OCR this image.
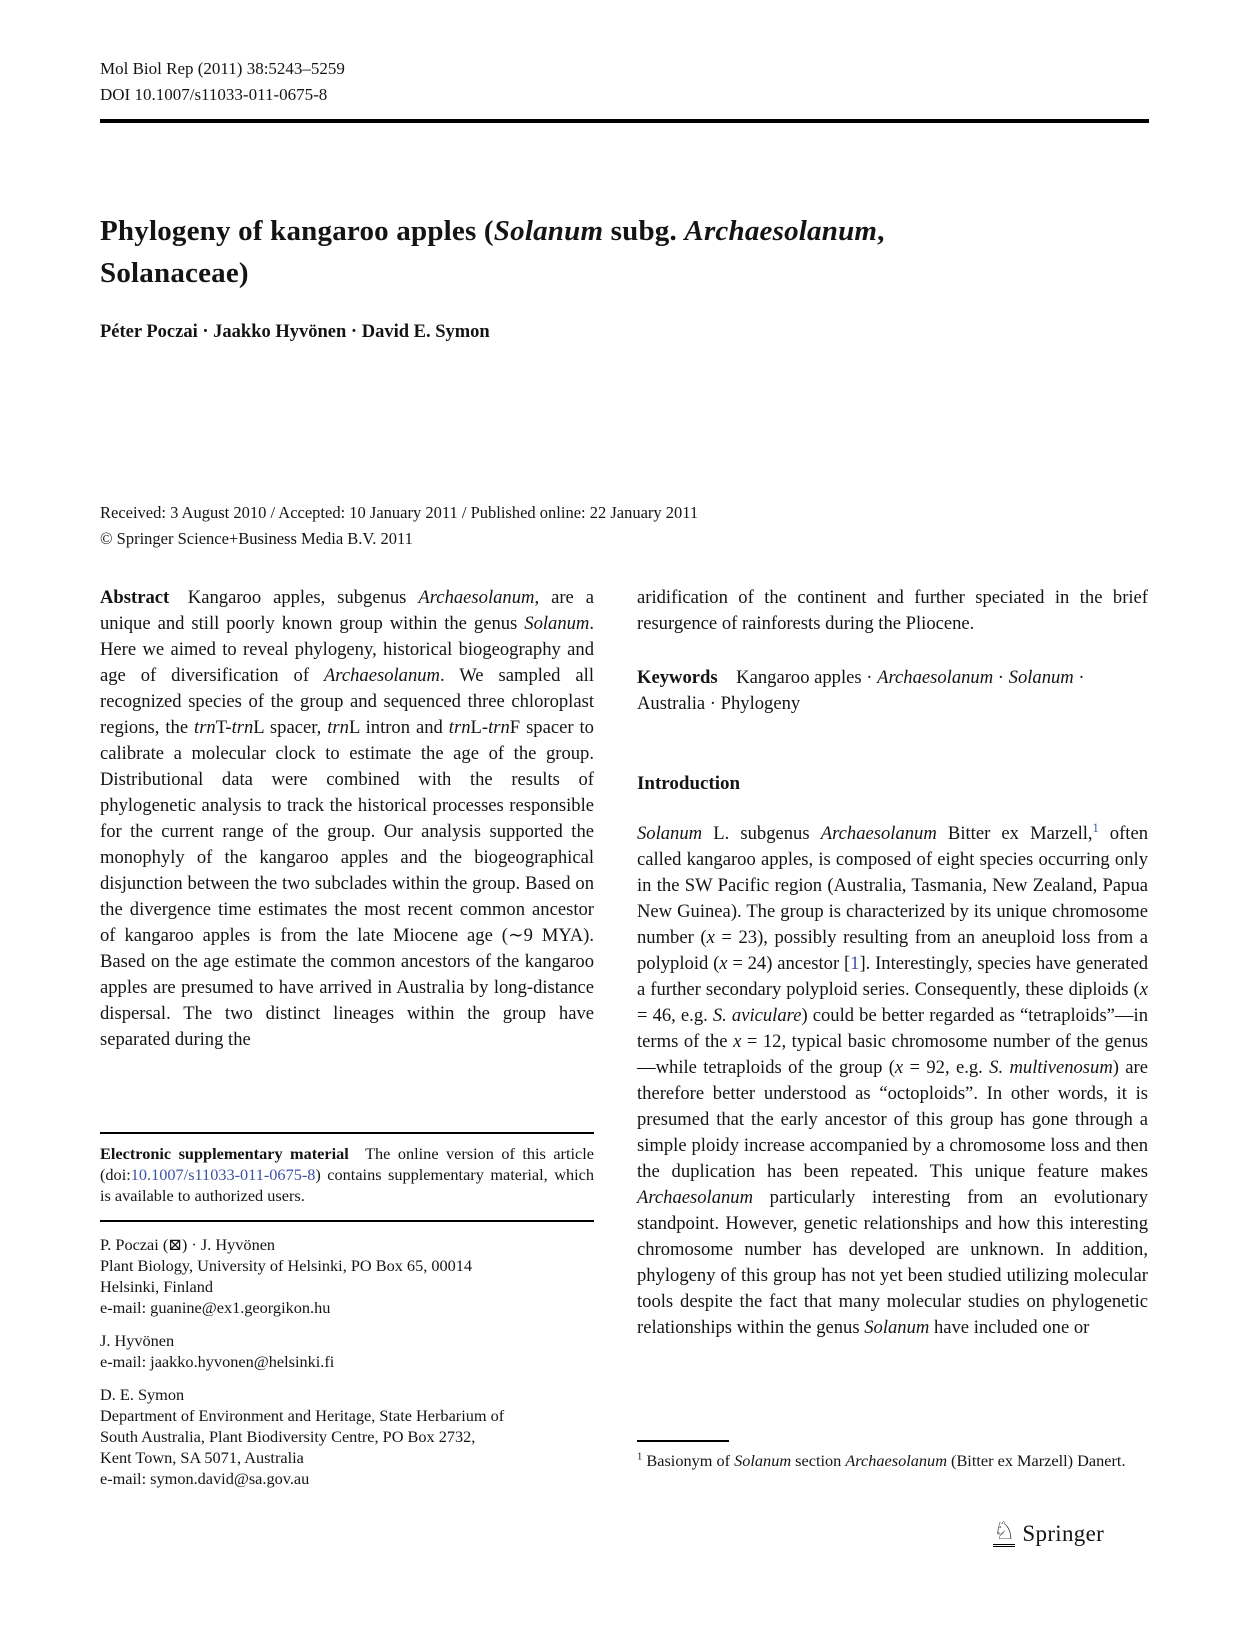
Mol Biol Rep (2011) 38:5243–5259
DOI 10.1007/s11033-011-0675-8
Phylogeny of kangaroo apples (Solanum subg. Archaesolanum,
Solanaceae)
Péter Poczai · Jaakko Hyvönen · David E. Symon
Received: 3 August 2010 / Accepted: 10 January 2011 / Published online: 22 January 2011
© Springer Science+Business Media B.V. 2011
Abstract  Kangaroo apples, subgenus Archaesolanum, are a unique and still poorly known group within the genus Solanum. Here we aimed to reveal phylogeny, historical biogeography and age of diversification of Archaesolanum. We sampled all recognized species of the group and sequenced three chloroplast regions, the trnT-trnL spacer, trnL intron and trnL-trnF spacer to calibrate a molecular clock to estimate the age of the group. Distributional data were combined with the results of phylogenetic analysis to track the historical processes responsible for the current range of the group. Our analysis supported the monophyly of the kangaroo apples and the biogeographical disjunction between the two subclades within the group. Based on the divergence time estimates the most recent common ancestor of kangaroo apples is from the late Miocene age (∼9 MYA). Based on the age estimate the common ancestors of the kangaroo apples are presumed to have arrived in Australia by long-distance dispersal. The two distinct lineages within the group have separated during the
aridification of the continent and further speciated in the brief resurgence of rainforests during the Pliocene.
Keywords  Kangaroo apples · Archaesolanum · Solanum · Australia · Phylogeny
Introduction
Solanum L. subgenus Archaesolanum Bitter ex Marzell,$^1$ often called kangaroo apples, is composed of eight species occurring only in the SW Pacific region (Australia, Tasmania, New Zealand, Papua New Guinea). The group is characterized by its unique chromosome number (x = 23), possibly resulting from an aneuploid loss from a polyploid (x = 24) ancestor [1]. Interestingly, species have generated a further secondary polyploid series. Consequently, these diploids (x = 46, e.g. S. aviculare) could be better regarded as “tetraploids”—in terms of the x = 12, typical basic chromosome number of the genus—while tetraploids of the group (x = 92, e.g. S. multivenosum) are therefore better understood as “octoploids”. In other words, it is presumed that the early ancestor of this group has gone through a simple ploidy increase accompanied by a chromosome loss and then the duplication has been repeated. This unique feature makes Archaesolanum particularly interesting from an evolutionary standpoint. However, genetic relationships and how this interesting chromosome number has developed are unknown. In addition, phylogeny of this group has not yet been studied utilizing molecular tools despite the fact that many molecular studies on phylogenetic relationships within the genus Solanum have included one or
Electronic supplementary material  The online version of this article (doi:10.1007/s11033-011-0675-8) contains supplementary material, which is available to authorized users.
P. Poczai (⊠) · J. Hyvönen
Plant Biology, University of Helsinki, PO Box 65, 00014
Helsinki, Finland
e-mail: guanine@ex1.georgikon.hu
J. Hyvönen
e-mail: jaakko.hyvonen@helsinki.fi
D. E. Symon
Department of Environment and Heritage, State Herbarium of
South Australia, Plant Biodiversity Centre, PO Box 2732,
Kent Town, SA 5071, Australia
e-mail: symon.david@sa.gov.au
$^1$ Basionym of Solanum section Archaesolanum (Bitter ex Marzell) Danert.
♘ Springer
